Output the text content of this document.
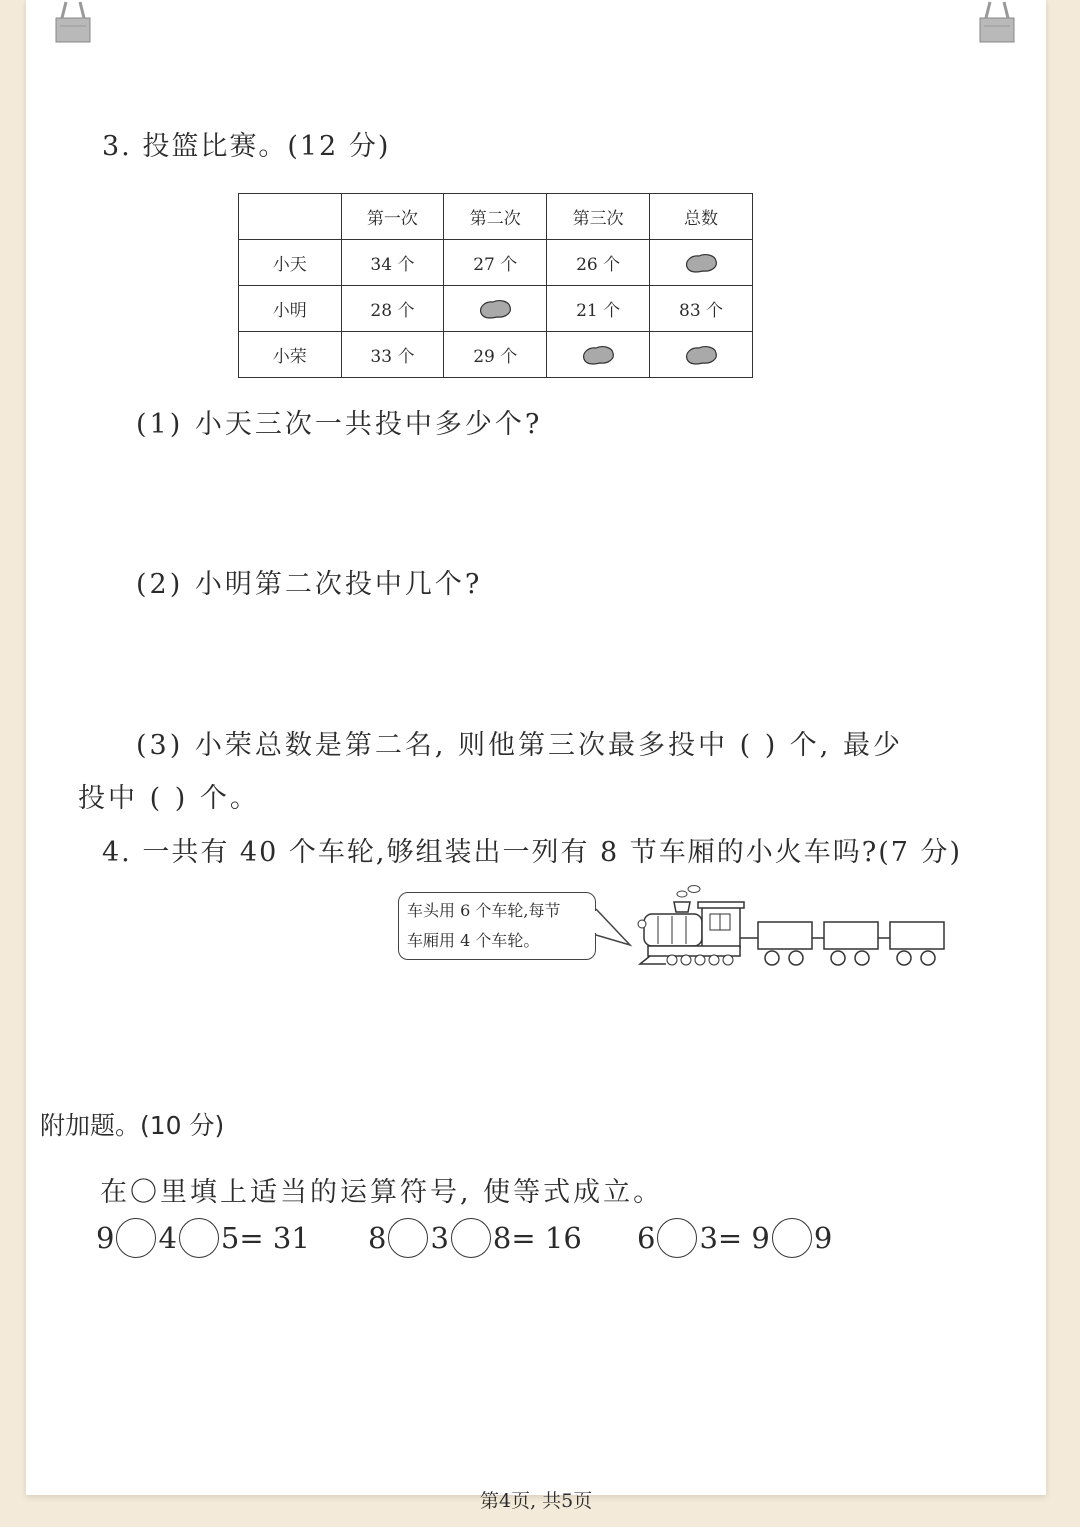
3. 投篮比赛。(12 分)
	第一次	第二次	第三次	总数
小天	34 个	27 个	26 个	
小明	28 个		21 个	83 个
小荣	33 个	29 个		
(1) 小天三次一共投中多少个?
(2) 小明第二次投中几个?
(3) 小荣总数是第二名, 则他第三次最多投中 ( ) 个, 最少
投中 ( ) 个。
4. 一共有 40 个车轮,够组装出一列有 8 节车厢的小火车吗?(7 分)
车头用 6 个车轮,每节
车厢用 4 个车轮。
附加题。(10 分)
在〇里填上适当的运算符号, 使等式成立。
9 4 5 = 31 8 3 8 = 16 6 3 = 9 9
第4页, 共5页
